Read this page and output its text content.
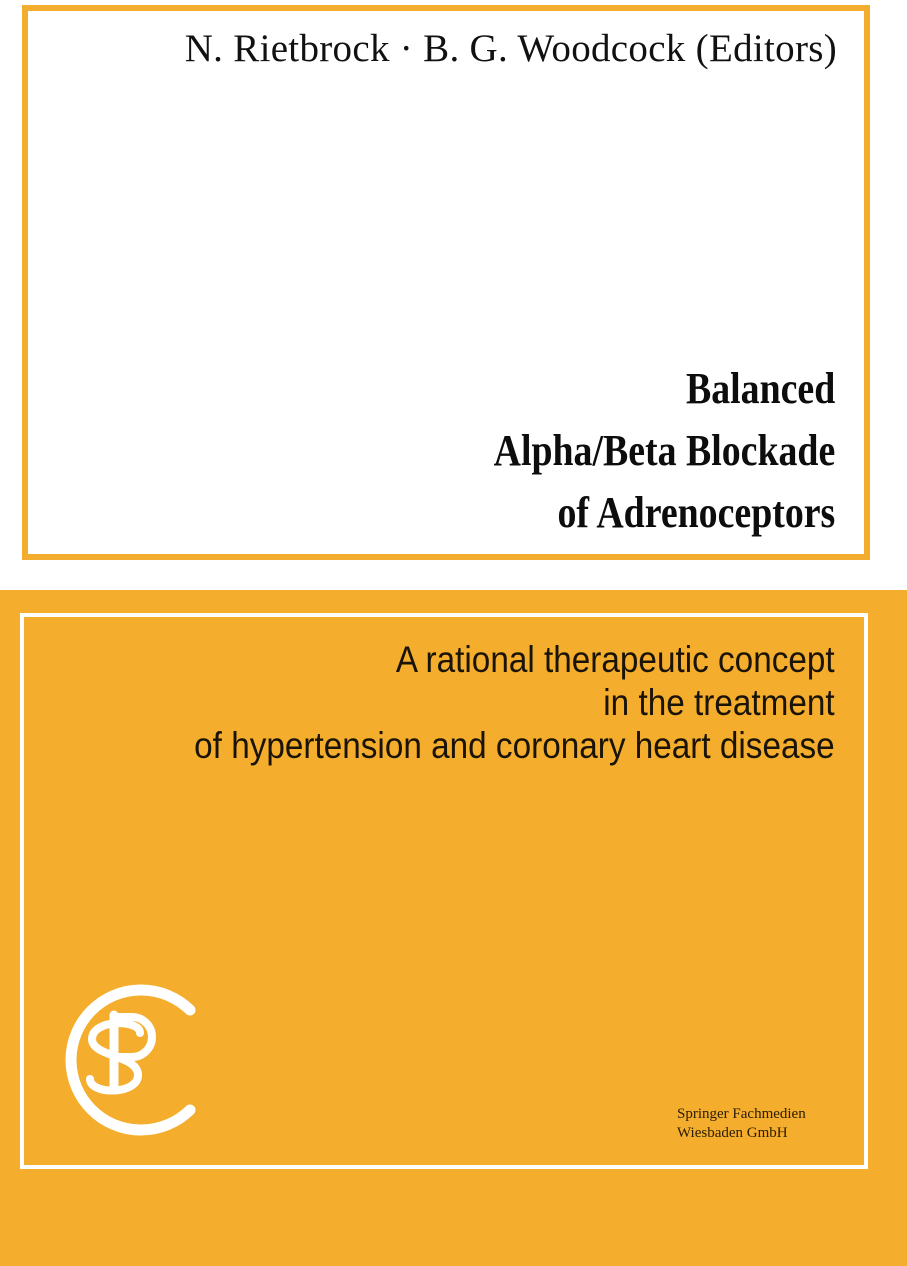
N. Rietbrock · B. G. Woodcock (Editors)

Balanced
Alpha/Beta Blockade
of Adrenoceptors
A rational therapeutic concept
in the treatment
of hypertension and coronary heart disease
Springer Fachmedien
Wiesbaden GmbH
